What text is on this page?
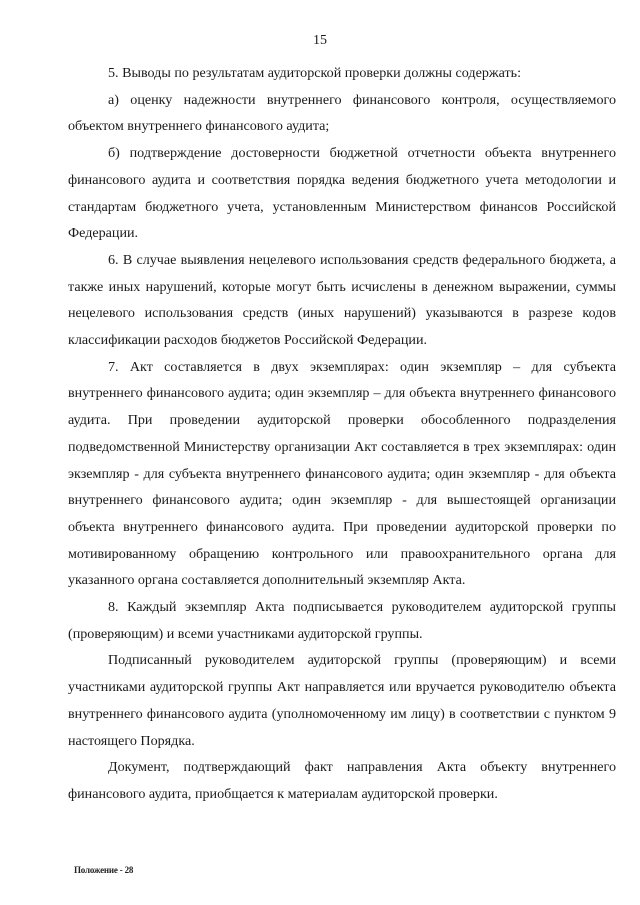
15

5. Выводы по результатам аудиторской проверки должны содержать:

а) оценку надежности внутреннего финансового контроля, осуществляемого объектом внутреннего финансового аудита;

б) подтверждение достоверности бюджетной отчетности объекта внутреннего финансового аудита и соответствия порядка ведения бюджетного учета методологии и стандартам бюджетного учета, установленным Министерством финансов Российской Федерации.

6. В случае выявления нецелевого использования средств федерального бюджета, а также иных нарушений, которые могут быть исчислены в денежном выражении, суммы нецелевого использования средств (иных нарушений) указываются в разрезе кодов классификации расходов бюджетов Российской Федерации.

7. Акт составляется в двух экземплярах: один экземпляр – для субъекта внутреннего финансового аудита; один экземпляр – для объекта внутреннего финансового аудита. При проведении аудиторской проверки обособленного подразделения подведомственной Министерству организации Акт составляется в трех экземплярах: один экземпляр - для субъекта внутреннего финансового аудита; один экземпляр - для объекта внутреннего финансового аудита; один экземпляр - для вышестоящей организации объекта внутреннего финансового аудита. При проведении аудиторской проверки по мотивированному обращению контрольного или правоохранительного органа для указанного органа составляется дополнительный экземпляр Акта.

8. Каждый экземпляр Акта подписывается руководителем аудиторской группы (проверяющим) и всеми участниками аудиторской группы.

Подписанный руководителем аудиторской группы (проверяющим) и всеми участниками аудиторской группы Акт направляется или вручается руководителю объекта внутреннего финансового аудита (уполномоченному им лицу) в соответствии с пунктом 9 настоящего Порядка.

Документ, подтверждающий факт направления Акта объекту внутреннего финансового аудита, приобщается к материалам аудиторской проверки.

Положение - 28
